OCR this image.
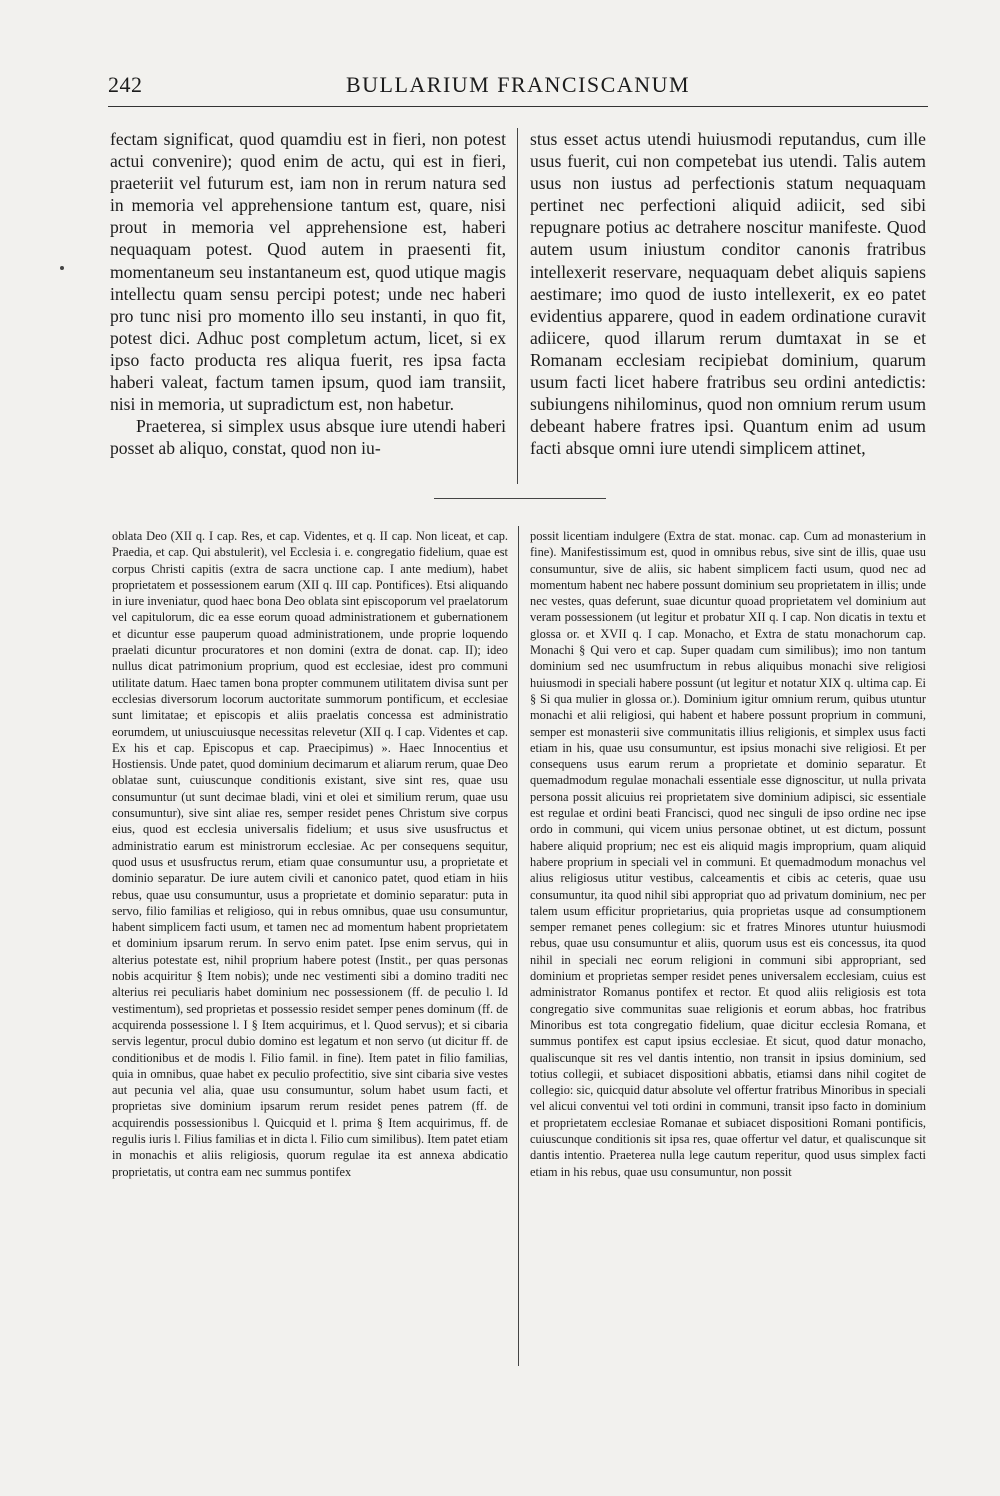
242	BULLARIUM FRANCISCANUM

fectam significat, quod quamdiu est in fieri, non potest actui convenire); quod enim de actu, qui est in fieri, praeteriit vel futurum est, iam non in rerum natura sed in memoria vel apprehensione tantum est, quare, nisi prout in memoria vel apprehensione est, haberi nequaquam potest. Quod autem in praesenti fit, momentaneum seu instantaneum est, quod utique magis intellectu quam sensu percipi potest; unde nec haberi pro tunc nisi pro momento illo seu instanti, in quo fit, potest dici. Adhuc post completum actum, licet, si ex ipso facto producta res aliqua fuerit, res ipsa facta haberi valeat, factum tamen ipsum, quod iam transiit, nisi in memoria, ut supradictum est, non habetur.

Praeterea, si simplex usus absque iure utendi haberi posset ab aliquo, constat, quod non iu-

stus esset actus utendi huiusmodi reputandus, cum ille usus fuerit, cui non competebat ius utendi. Talis autem usus non iustus ad perfectionis statum nequaquam pertinet nec perfectioni aliquid adiicit, sed sibi repugnare potius ac detrahere noscitur manifeste. Quod autem usum iniustum conditor canonis fratribus intellexerit reservare, nequaquam debet aliquis sapiens aestimare; imo quod de iusto intellexerit, ex eo patet evidentius apparere, quod in eadem ordinatione curavit adiicere, quod illarum rerum dumtaxat in se et Romanam ecclesiam recipiebat dominium, quarum usum facti licet habere fratribus seu ordini antedictis: subiungens nihilominus, quod non omnium rerum usum debeant habere fratres ipsi. Quantum enim ad usum facti absque omni iure utendi simplicem attinet,

oblata Deo (XII q. I cap. Res, et cap. Videntes, et q. II cap. Non liceat, et cap. Praedia, et cap. Qui abstulerit), vel Ecclesia i. e. congregatio fidelium, quae est corpus Christi capitis (extra de sacra unctione cap. I ante medium), habet proprietatem et possessionem earum (XII q. III cap. Pontifices). Etsi aliquando in iure inveniatur, quod haec bona Deo oblata sint episcoporum vel praelatorum vel capitulorum, dic ea esse eorum quoad administrationem et gubernationem et dicuntur esse pauperum quoad administrationem, unde proprie loquendo praelati dicuntur procuratores et non domini (extra de donat. cap. II); ideo nullus dicat patrimonium proprium, quod est ecclesiae, idest pro communi utilitate datum. Haec tamen bona propter communem utilitatem divisa sunt per ecclesias diversorum locorum auctoritate summorum pontificum, et ecclesiae sunt limitatae; et episcopis et aliis praelatis concessa est administratio eorumdem, ut uniuscuiusque necessitas relevetur (XII q. I cap. Videntes et cap. Ex his et cap. Episcopus et cap. Praecipimus) ». Haec Innocentius et Hostiensis. Unde patet, quod dominium decimarum et aliarum rerum, quae Deo oblatae sunt, cuiuscunque conditionis existant, sive sint res, quae usu consumuntur (ut sunt decimae bladi, vini et olei et similium rerum, quae usu consumuntur), sive sint aliae res, semper residet penes Christum sive corpus eius, quod est ecclesia universalis fidelium; et usus sive ususfructus et administratio earum est ministrorum ecclesiae. Ac per consequens sequitur, quod usus et ususfructus rerum, etiam quae consumuntur usu, a proprietate et dominio separatur. De iure autem civili et canonico patet, quod etiam in hiis rebus, quae usu consumuntur, usus a proprietate et dominio separatur: puta in servo, filio familias et religioso, qui in rebus omnibus, quae usu consumuntur, habent simplicem facti usum, et tamen nec ad momentum habent proprietatem et dominium ipsarum rerum. In servo enim patet. Ipse enim servus, qui in alterius potestate est, nihil proprium habere potest (Instit., per quas personas nobis acquiritur § Item nobis); unde nec vestimenti sibi a domino traditi nec alterius rei peculiaris habet dominium nec possessionem (ff. de peculio l. Id vestimentum), sed proprietas et possessio residet semper penes dominum (ff. de acquirenda possessione l. I § Item acquirimus, et l. Quod servus); et si cibaria servis legentur, procul dubio domino est legatum et non servo (ut dicitur ff. de conditionibus et de modis l. Filio famil. in fine). Item patet in filio familias, quia in omnibus, quae habet ex peculio profectitio, sive sint cibaria sive vestes aut pecunia vel alia, quae usu consumuntur, solum habet usum facti, et proprietas sive dominium ipsarum rerum residet penes patrem (ff. de acquirendis possessionibus l. Quicquid et l. prima § Item acquirimus, ff. de regulis iuris l. Filius familias et in dicta l. Filio cum similibus). Item patet etiam in monachis et aliis religiosis, quorum regulae ita est annexa abdicatio proprietatis, ut contra eam nec summus pontifex

possit licentiam indulgere (Extra de stat. monac. cap. Cum ad monasterium in fine). Manifestissimum est, quod in omnibus rebus, sive sint de illis, quae usu consumuntur, sive de aliis, sic habent simplicem facti usum, quod nec ad momentum habent nec habere possunt dominium seu proprietatem in illis; unde nec vestes, quas deferunt, suae dicuntur quoad proprietatem vel dominium aut veram possessionem (ut legitur et probatur XII q. I cap. Non dicatis in textu et glossa or. et XVII q. I cap. Monacho, et Extra de statu monachorum cap. Monachi § Qui vero et cap. Super quadam cum similibus); imo non tantum dominium sed nec usumfructum in rebus aliquibus monachi sive religiosi huiusmodi in speciali habere possunt (ut legitur et notatur XIX q. ultima cap. Ei § Si qua mulier in glossa or.). Dominium igitur omnium rerum, quibus utuntur monachi et alii religiosi, qui habent et habere possunt proprium in communi, semper est monasterii sive communitatis illius religionis, et simplex usus facti etiam in his, quae usu consumuntur, est ipsius monachi sive religiosi. Et per consequens usus earum rerum a proprietate et dominio separatur. Et quemadmodum regulae monachali essentiale esse dignoscitur, ut nulla privata persona possit alicuius rei proprietatem sive dominium adipisci, sic essentiale est regulae et ordini beati Francisci, quod nec singuli de ipso ordine nec ipse ordo in communi, qui vicem unius personae obtinet, ut est dictum, possunt habere aliquid proprium; nec est eis aliquid magis improprium, quam aliquid habere proprium in speciali vel in communi. Et quemadmodum monachus vel alius religiosus utitur vestibus, calceamentis et cibis ac ceteris, quae usu consumuntur, ita quod nihil sibi appropriat quo ad privatum dominium, nec per talem usum efficitur proprietarius, quia proprietas usque ad consumptionem semper remanet penes collegium: sic et fratres Minores utuntur huiusmodi rebus, quae usu consumuntur et aliis, quorum usus est eis concessus, ita quod nihil in speciali nec eorum religioni in communi sibi appropriant, sed dominium et proprietas semper residet penes universalem ecclesiam, cuius est administrator Romanus pontifex et rector. Et quod aliis religiosis est tota congregatio sive communitas suae religionis et eorum abbas, hoc fratribus Minoribus est tota congregatio fidelium, quae dicitur ecclesia Romana, et summus pontifex est caput ipsius ecclesiae. Et sicut, quod datur monacho, qualiscunque sit res vel dantis intentio, non transit in ipsius dominium, sed totius collegii, et subiacet dispositioni abbatis, etiamsi dans nihil cogitet de collegio: sic, quicquid datur absolute vel offertur fratribus Minoribus in speciali vel alicui conventui vel toti ordini in communi, transit ipso facto in dominium et proprietatem ecclesiae Romanae et subiacet dispositioni Romani pontificis, cuiuscunque conditionis sit ipsa res, quae offertur vel datur, et qualiscunque sit dantis intentio. Praeterea nulla lege cautum reperitur, quod usus simplex facti etiam in his rebus, quae usu consumuntur, non possit
